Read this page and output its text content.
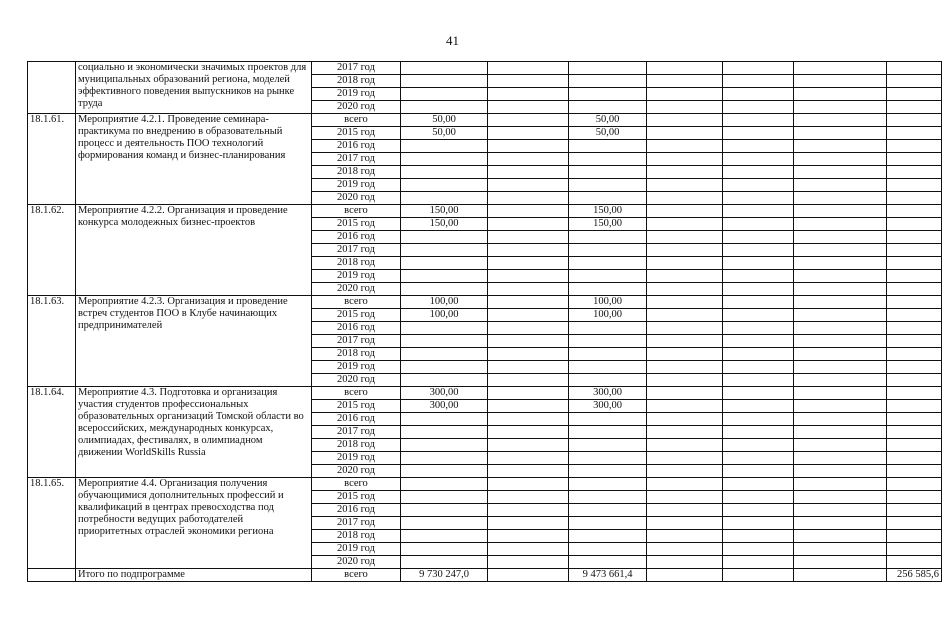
41
	социально и экономически значимых проектов для муниципальных образований региона, моделей эффективного поведения выпускников на рынке труда	2017 год							
		2018 год							
		2019 год							
		2020 год							
18.1.61.	Мероприятие 4.2.1. Проведение семинара-практикума по внедрению в образовательный процесс и деятельность ПОО технологий формирования команд и бизнес-планирования	всего	50,00		50,00				
		2015 год	50,00		50,00				
		2016 год							
		2017 год							
		2018 год							
		2019 год							
		2020 год							
18.1.62.	Мероприятие 4.2.2. Организация и проведение конкурса молодежных бизнес-проектов	всего	150,00		150,00				
		2015 год	150,00		150,00				
		2016 год							
		2017 год							
		2018 год							
		2019 год							
		2020 год							
18.1.63.	Мероприятие 4.2.3. Организация и проведение встреч студентов ПОО в Клубе начинающих предпринимателей	всего	100,00		100,00				
		2015 год	100,00		100,00				
		2016 год							
		2017 год							
		2018 год							
		2019 год							
		2020 год							
18.1.64.	Мероприятие 4.3. Подготовка и организация участия студентов профессиональных образовательных организаций Томской области во всероссийских, международных конкурсах, олимпиадах, фестивалях, в олимпиадном движении WorldSkills Russia	всего	300,00		300,00				
		2015 год	300,00		300,00				
		2016 год							
		2017 год							
		2018 год							
		2019 год							
		2020 год							
18.1.65.	Мероприятие 4.4. Организация получения обучающимися дополнительных профессий и квалификаций в центрах превосходства под потребности ведущих работодателей приоритетных отраслей экономики региона	всего							
		2015 год							
		2016 год							
		2017 год							
		2018 год							
		2019 год							
		2020 год							
	Итого по подпрограмме	всего	9 730 247,0		9 473 661,4				256 585,6
